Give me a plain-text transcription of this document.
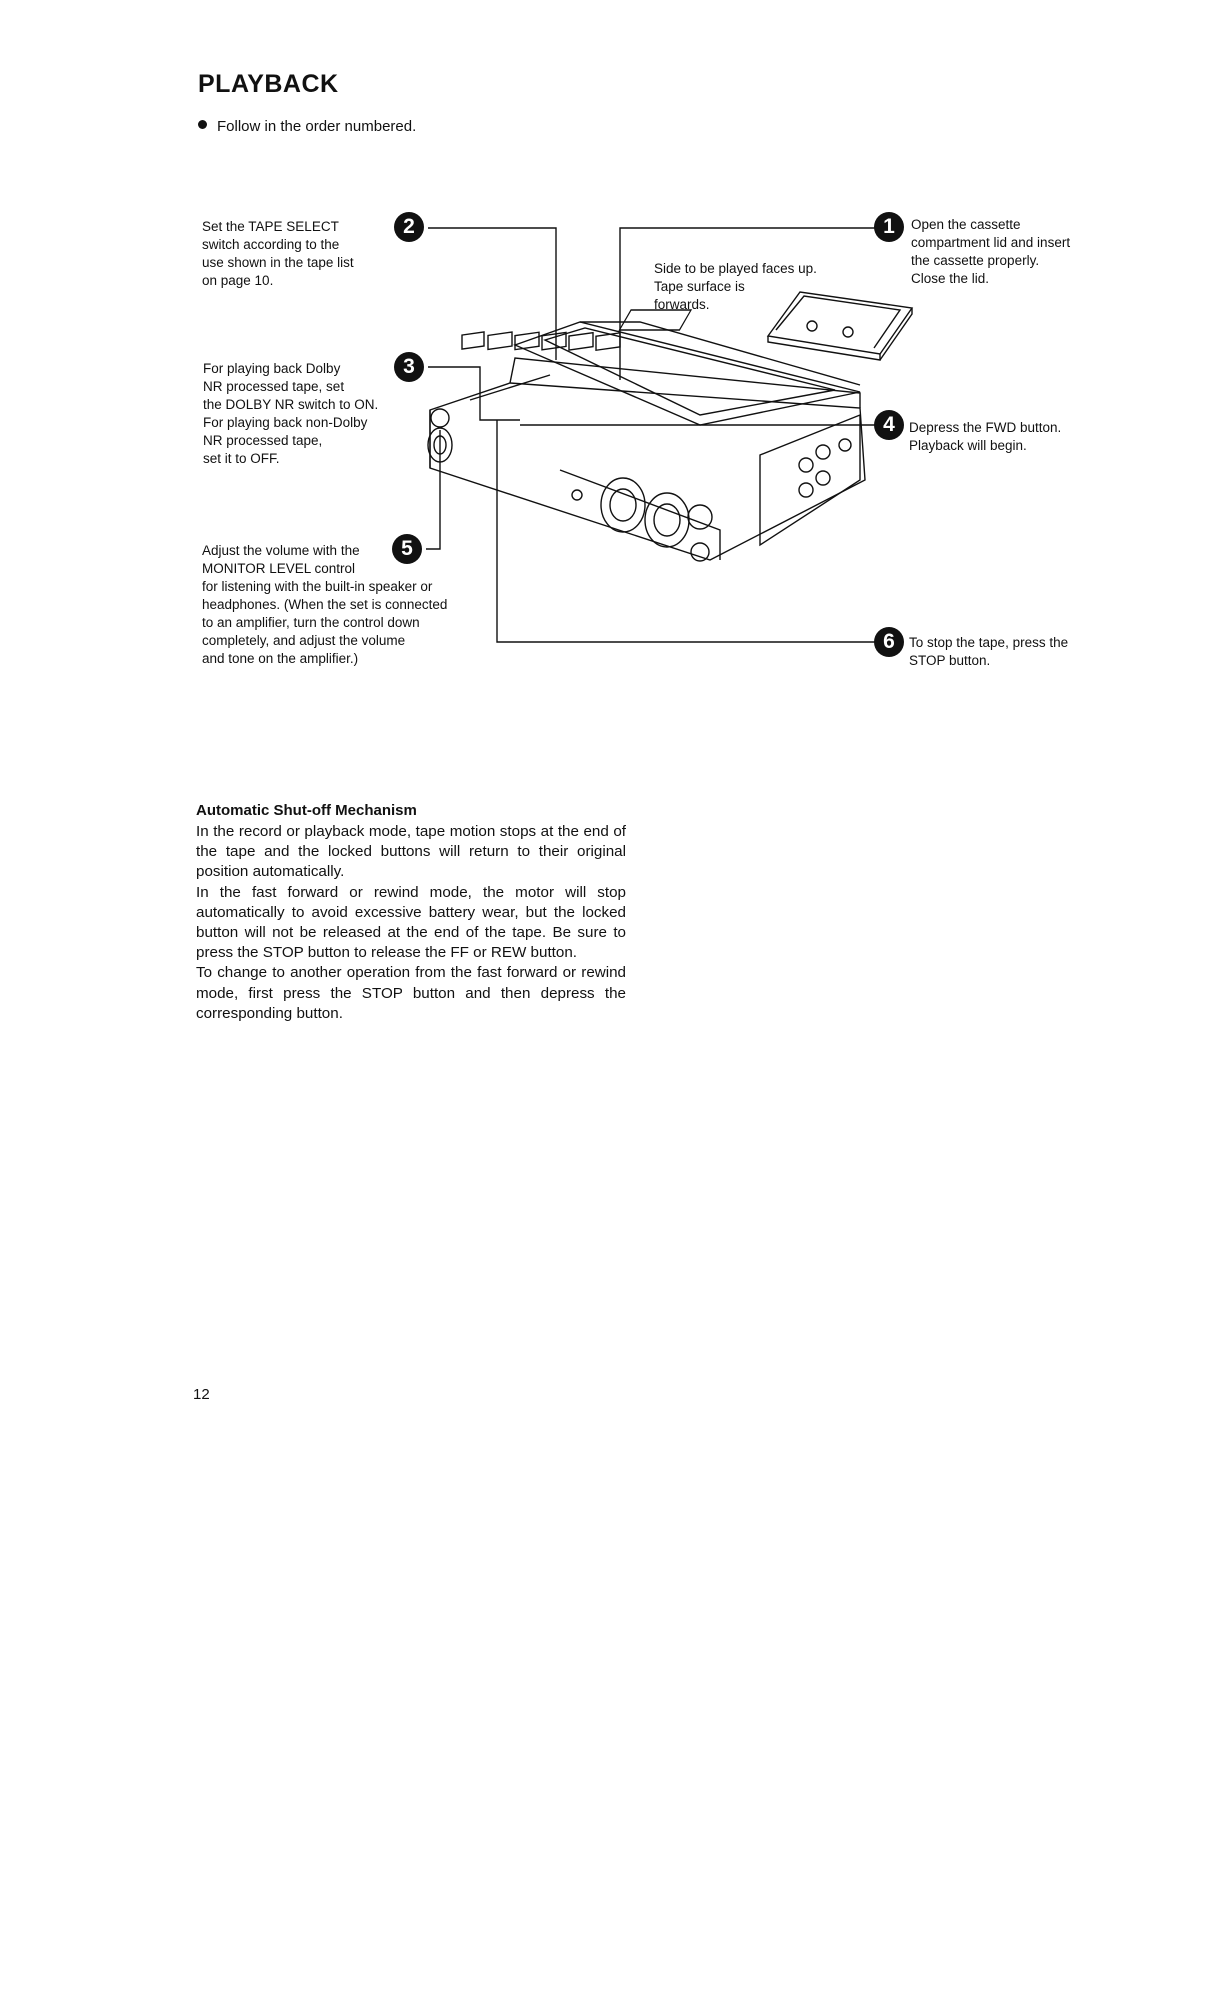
PLAYBACK
Follow in the order numbered.
1
2
3
4
5
6
Open the cassette
compartment lid and insert
the cassette properly.
Close the lid.
Set the TAPE SELECT
switch according to the
use shown in the tape list
on page 10.
For playing back Dolby
NR processed tape, set
the DOLBY NR switch to ON.
For playing back non-Dolby
NR processed tape,
set it to OFF.
Depress the FWD button.
Playback will begin.
Adjust the volume with the
MONITOR LEVEL control
for listening with the built-in speaker or
headphones. (When the set is connected
to an amplifier, turn the control down
completely, and adjust the volume
and tone on the amplifier.)
To stop the tape, press the
STOP button.
Side to be played faces up.
Tape surface is
forwards.
Automatic Shut-off Mechanism

In the record or playback mode, tape motion stops at the end of the tape and the locked buttons will return to their original position automatically.

In the fast forward or rewind mode, the motor will stop automatically to avoid excessive battery wear, but the locked button will not be released at the end of the tape. Be sure to press the STOP button to release the FF or REW button.

To change to another operation from the fast forward or rewind mode, first press the STOP button and then depress the corresponding button.

12
